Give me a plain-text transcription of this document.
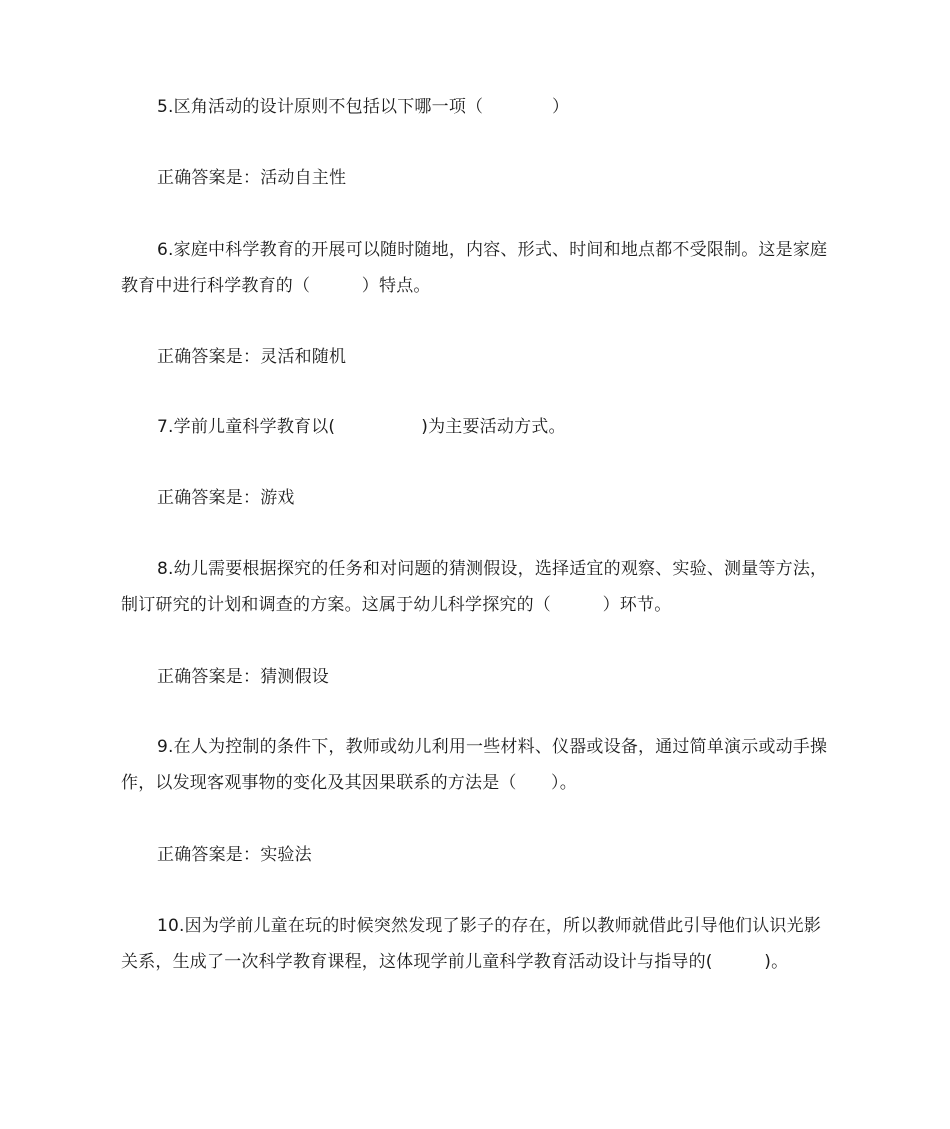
5.区角活动的设计原则不包括以下哪一项（　　　　）

正确答案是：活动自主性

6.家庭中科学教育的开展可以随时随地，内容、形式、时间和地点都不受限制。这是家庭教育中进行科学教育的（　　　）特点。

正确答案是：灵活和随机

7.学前儿童科学教育以(　　　　　)为主要活动方式。

正确答案是：游戏

8.幼儿需要根据探究的任务和对问题的猜测假设，选择适宜的观察、实验、测量等方法，制订研究的计划和调查的方案。这属于幼儿科学探究的（　　　）环节。

正确答案是：猜测假设

9.在人为控制的条件下，教师或幼儿利用一些材料、仪器或设备，通过简单演示或动手操作，以发现客观事物的变化及其因果联系的方法是（　　）。

正确答案是：实验法

10.因为学前儿童在玩的时候突然发现了影子的存在，所以教师就借此引导他们认识光影关系，生成了一次科学教育课程，这体现学前儿童科学教育活动设计与指导的(　　　)。
